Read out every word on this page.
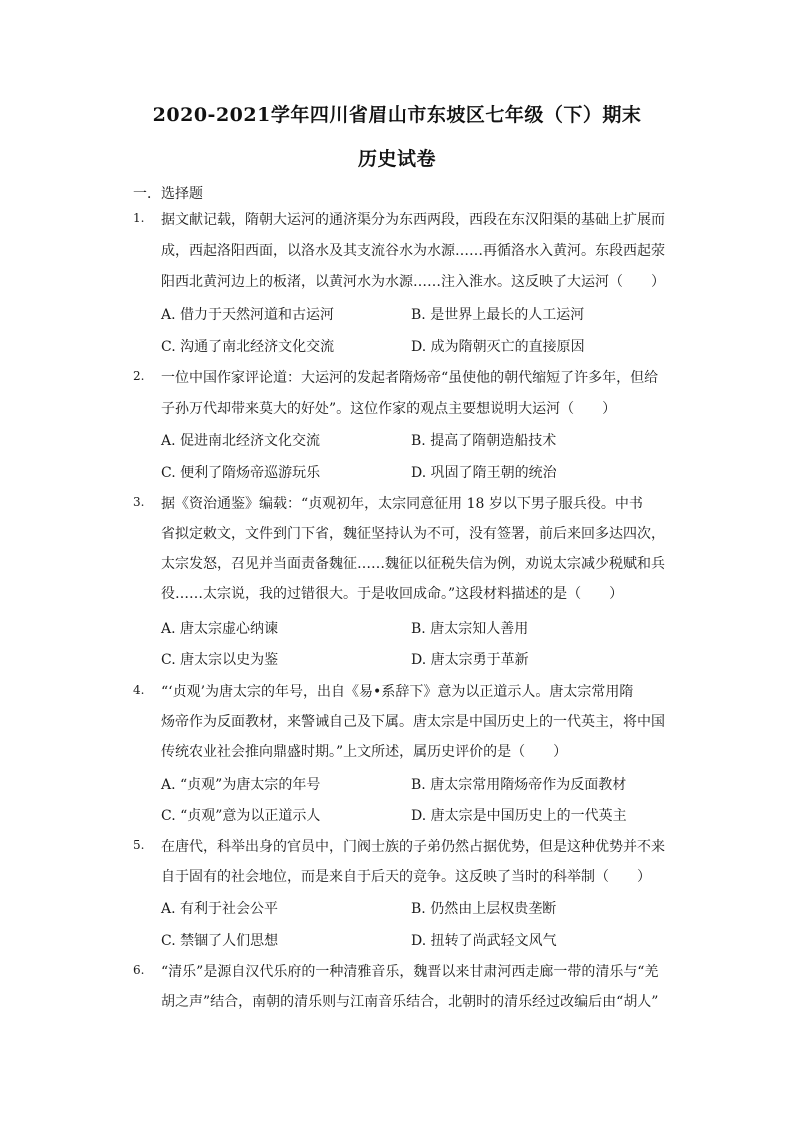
2020-2021学年四川省眉山市东坡区七年级（下）期末
历史试卷
一．选择题
1.	据文献记载，隋朝大运河的通济渠分为东西两段，西段在东汉阳渠的基础上扩展而
成，西起洛阳西面，以洛水及其支流谷水为水源……再循洛水入黄河。东段西起荥
阳西北黄河边上的板渚，以黄河水为水源……注入淮水。这反映了大运河（　　）
A. 借力于天然河道和古运河	B. 是世界上最长的人工运河
C. 沟通了南北经济文化交流	D. 成为隋朝灭亡的直接原因
2.	一位中国作家评论道：大运河的发起者隋炀帝“虽使他的朝代缩短了许多年，但给
子孙万代却带来莫大的好处”。这位作家的观点主要想说明大运河（　　）
A. 促进南北经济文化交流	B. 提高了隋朝造船技术
C. 便利了隋炀帝巡游玩乐	D. 巩固了隋王朝的统治
3.	据《资治通鉴》编载：“贞观初年，太宗同意征用 18 岁以下男子服兵役。中书
省拟定敕文，文件到门下省，魏征坚持认为不可，没有签署，前后来回多达四次，
太宗发怒，召见并当面责备魏征……魏征以征税失信为例，劝说太宗减少税赋和兵
役……太宗说，我的过错很大。于是收回成命。”这段材料描述的是（　　）
A. 唐太宗虚心纳谏	B. 唐太宗知人善用
C. 唐太宗以史为鉴	D. 唐太宗勇于革新
4.	“‘贞观’为唐太宗的年号，出自《易•系辞下》意为以正道示人。唐太宗常用隋
炀帝作为反面教材，来警诫自己及下属。唐太宗是中国历史上的一代英主，将中国
传统农业社会推向鼎盛时期。”上文所述，属历史评价的是（　　）
A. “贞观”为唐太宗的年号	B. 唐太宗常用隋炀帝作为反面教材
C. “贞观”意为以正道示人	D. 唐太宗是中国历史上的一代英主
5.	在唐代，科举出身的官员中，门阀士族的子弟仍然占据优势，但是这种优势并不来
自于固有的社会地位，而是来自于后天的竞争。这反映了当时的科举制（　　）
A. 有利于社会公平	B. 仍然由上层权贵垄断
C. 禁锢了人们思想	D. 扭转了尚武轻文风气
6.	“清乐”是源自汉代乐府的一种清雅音乐，魏晋以来甘肃河西走廊一带的清乐与“羌
胡之声”结合，南朝的清乐则与江南音乐结合，北朝时的清乐经过改编后由“胡人”
